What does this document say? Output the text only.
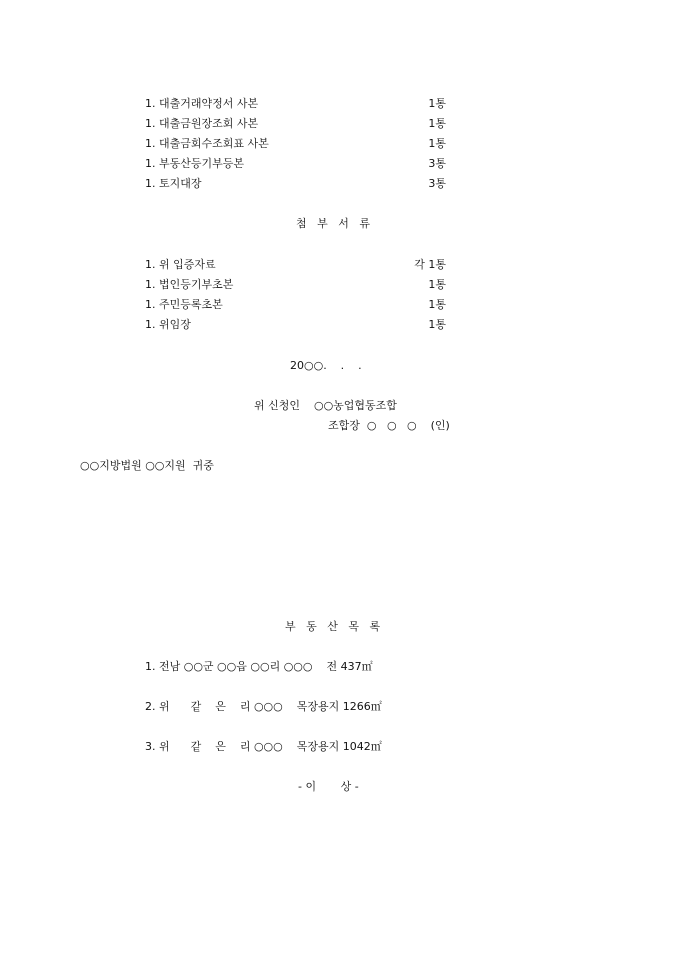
1. 대출거래약정서 사본	1통
1. 대출금원장조회 사본	1통
1. 대출금회수조회표 사본	1통
1. 부동산등기부등본	3통
1. 토지대장	3통
첨   부   서   류
1. 위 입증자료	각 1통
1. 법인등기부초본	1통
1. 주민등록초본	1통
1. 위임장	1통
20○○.    .    .
위 신청인    ○○농업협동조합
조합장  ○   ○   ○    (인)
○○지방법원 ○○지원  귀중
부   동   산   목   록
1. 전남 ○○군 ○○읍 ○○리 ○○○    전 437㎡
2. 위      같    은    리 ○○○    목장용지 1266㎡
3. 위      같    은    리 ○○○    목장용지 1042㎡
- 이       상 -
